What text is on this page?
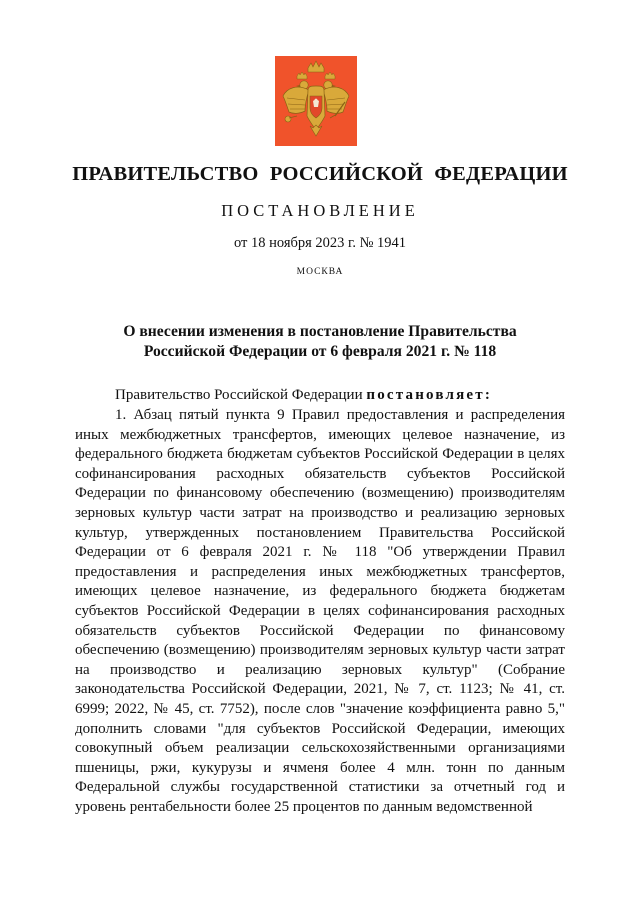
ПРАВИТЕЛЬСТВО РОССИЙСКОЙ ФЕДЕРАЦИИ
ПОСТАНОВЛЕНИЕ
от 18 ноября 2023 г. № 1941
МОСКВА
О внесении изменения в постановление Правительства
Российской Федерации от 6 февраля 2021 г. № 118
Правительство Российской Федерации постановляет:
1. Абзац пятый пункта 9 Правил предоставления и распределения иных межбюджетных трансфертов, имеющих целевое назначение, из федерального бюджета бюджетам субъектов Российской Федерации в целях софинансирования расходных обязательств субъектов Российской Федерации по финансовому обеспечению (возмещению) производителям зерновых культур части затрат на производство и реализацию зерновых культур, утвержденных постановлением Правительства Российской Федерации от 6 февраля 2021 г. № 118 "Об утверждении Правил предоставления и распределения иных межбюджетных трансфертов, имеющих целевое назначение, из федерального бюджета бюджетам субъектов Российской Федерации в целях софинансирования расходных обязательств субъектов Российской Федерации по финансовому обеспечению (возмещению) производителям зерновых культур части затрат на производство и реализацию зерновых культур" (Собрание законодательства Российской Федерации, 2021, № 7, ст. 1123; № 41, ст. 6999; 2022, № 45, ст. 7752), после слов "значение коэффициента равно 5," дополнить словами "для субъектов Российской Федерации, имеющих совокупный объем реализации сельскохозяйственными организациями пшеницы, ржи, кукурузы и ячменя более 4 млн. тонн по данным Федеральной службы государственной статистики за отчетный год и уровень рентабельности более 25 процентов по данным ведомственной
